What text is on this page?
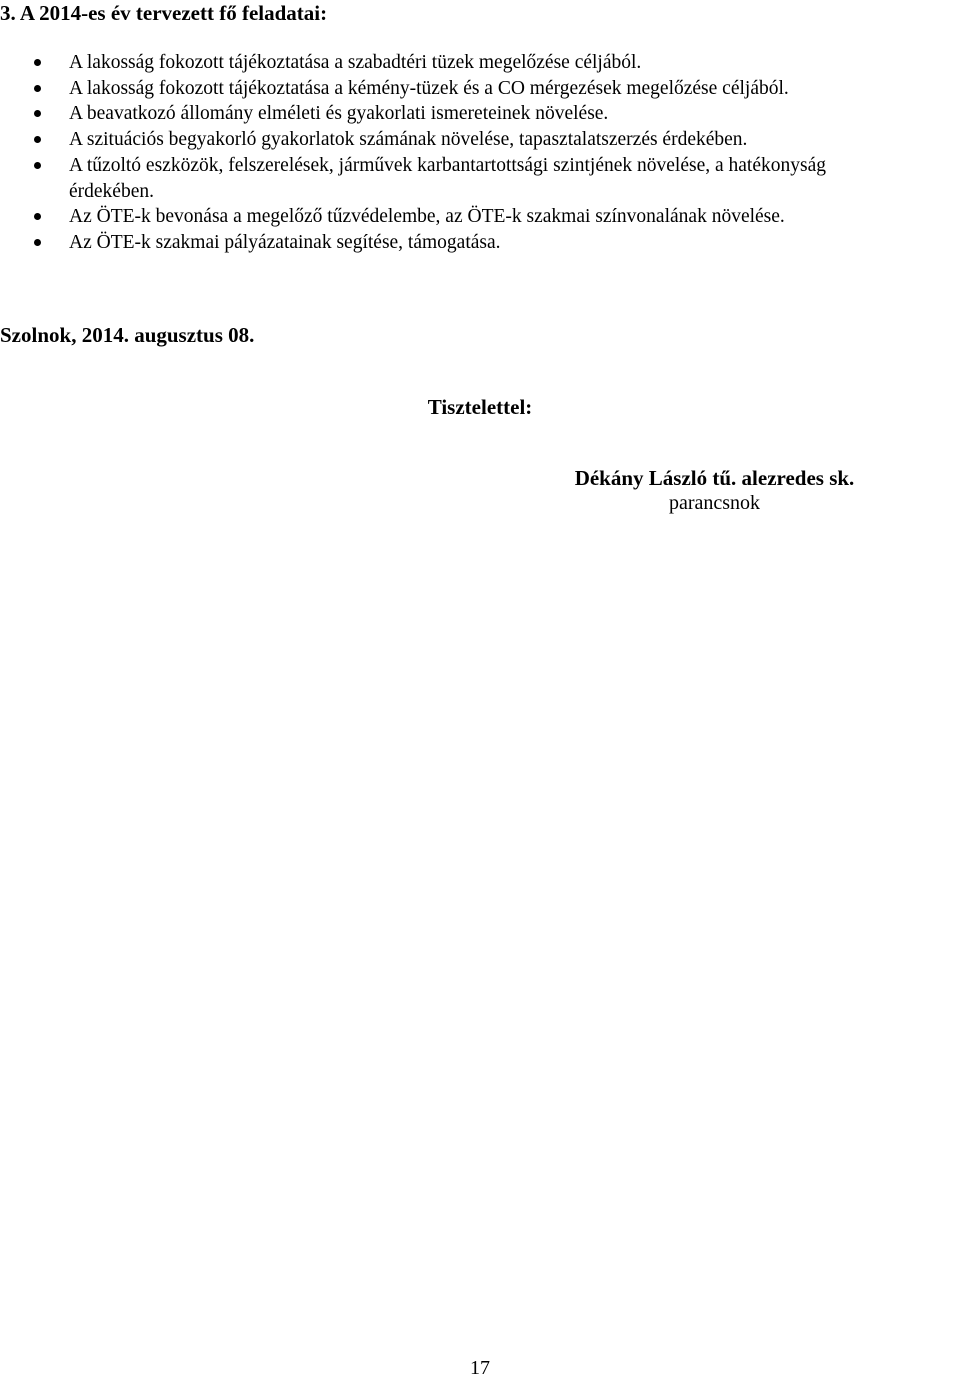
3. A 2014-es év tervezett fő feladatai:
A lakosság fokozott tájékoztatása a szabadtéri tüzek megelőzése céljából.
A lakosság fokozott tájékoztatása a kémény-tüzek és a CO mérgezések megelőzése céljából.
A beavatkozó állomány elméleti és gyakorlati ismereteinek növelése.
A szituációs begyakorló gyakorlatok számának növelése, tapasztalatszerzés érdekében.
A tűzoltó eszközök, felszerelések, járművek karbantartottsági szintjének növelése, a hatékonyság
érdekében.
Az ÖTE-k bevonása a megelőző tűzvédelembe, az ÖTE-k szakmai színvonalának növelése.
Az ÖTE-k szakmai pályázatainak segítése, támogatása.
Szolnok, 2014. augusztus 08.
Tisztelettel:
Dékány László tű. alezredes sk.
parancsnok
17
